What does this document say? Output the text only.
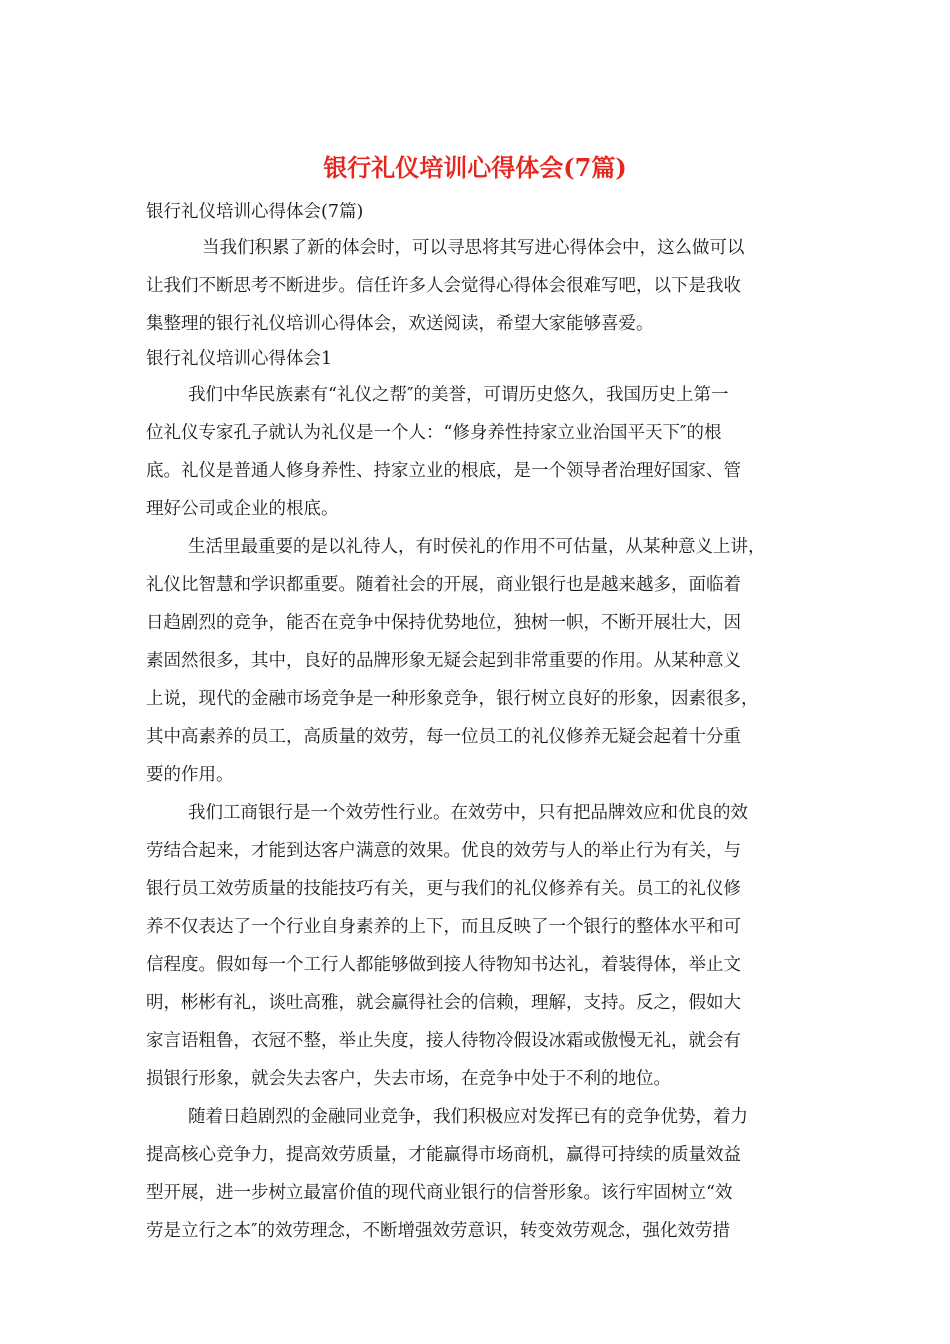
银行礼仪培训心得体会(7篇)
银行礼仪培训心得体会(7篇)
当我们积累了新的体会时，可以寻思将其写进心得体会中，这么做可以
让我们不断思考不断进步。信任许多人会觉得心得体会很难写吧，以下是我收
集整理的银行礼仪培训心得体会，欢送阅读，希望大家能够喜爱。
银行礼仪培训心得体会1
我们中华民族素有“礼仪之帮″的美誉，可谓历史悠久，我国历史上第一
位礼仪专家孔子就认为礼仪是一个人：“修身养性持家立业治国平天下″的根
底。礼仪是普通人修身养性、持家立业的根底，是一个领导者治理好国家、管
理好公司或企业的根底。
生活里最重要的是以礼待人，有时侯礼的作用不可估量，从某种意义上讲，
礼仪比智慧和学识都重要。随着社会的开展，商业银行也是越来越多，面临着
日趋剧烈的竞争，能否在竞争中保持优势地位，独树一帜，不断开展壮大，因
素固然很多，其中，良好的品牌形象无疑会起到非常重要的作用。从某种意义
上说，现代的金融市场竞争是一种形象竞争，银行树立良好的形象，因素很多，
其中高素养的员工，高质量的效劳，每一位员工的礼仪修养无疑会起着十分重
要的作用。
我们工商银行是一个效劳性行业。在效劳中，只有把品牌效应和优良的效
劳结合起来，才能到达客户满意的效果。优良的效劳与人的举止行为有关，与
银行员工效劳质量的技能技巧有关，更与我们的礼仪修养有关。员工的礼仪修
养不仅表达了一个行业自身素养的上下，而且反映了一个银行的整体水平和可
信程度。假如每一个工行人都能够做到接人待物知书达礼，着装得体，举止文
明，彬彬有礼，谈吐高雅，就会赢得社会的信赖，理解，支持。反之，假如大
家言语粗鲁，衣冠不整，举止失度，接人待物冷假设冰霜或傲慢无礼，就会有
损银行形象，就会失去客户，失去市场，在竞争中处于不利的地位。
随着日趋剧烈的金融同业竞争，我们积极应对发挥已有的竞争优势，着力
提高核心竞争力，提高效劳质量，才能赢得市场商机，赢得可持续的质量效益
型开展，进一步树立最富价值的现代商业银行的信誉形象。该行牢固树立“效
劳是立行之本″的效劳理念，不断增强效劳意识，转变效劳观念，强化效劳措
